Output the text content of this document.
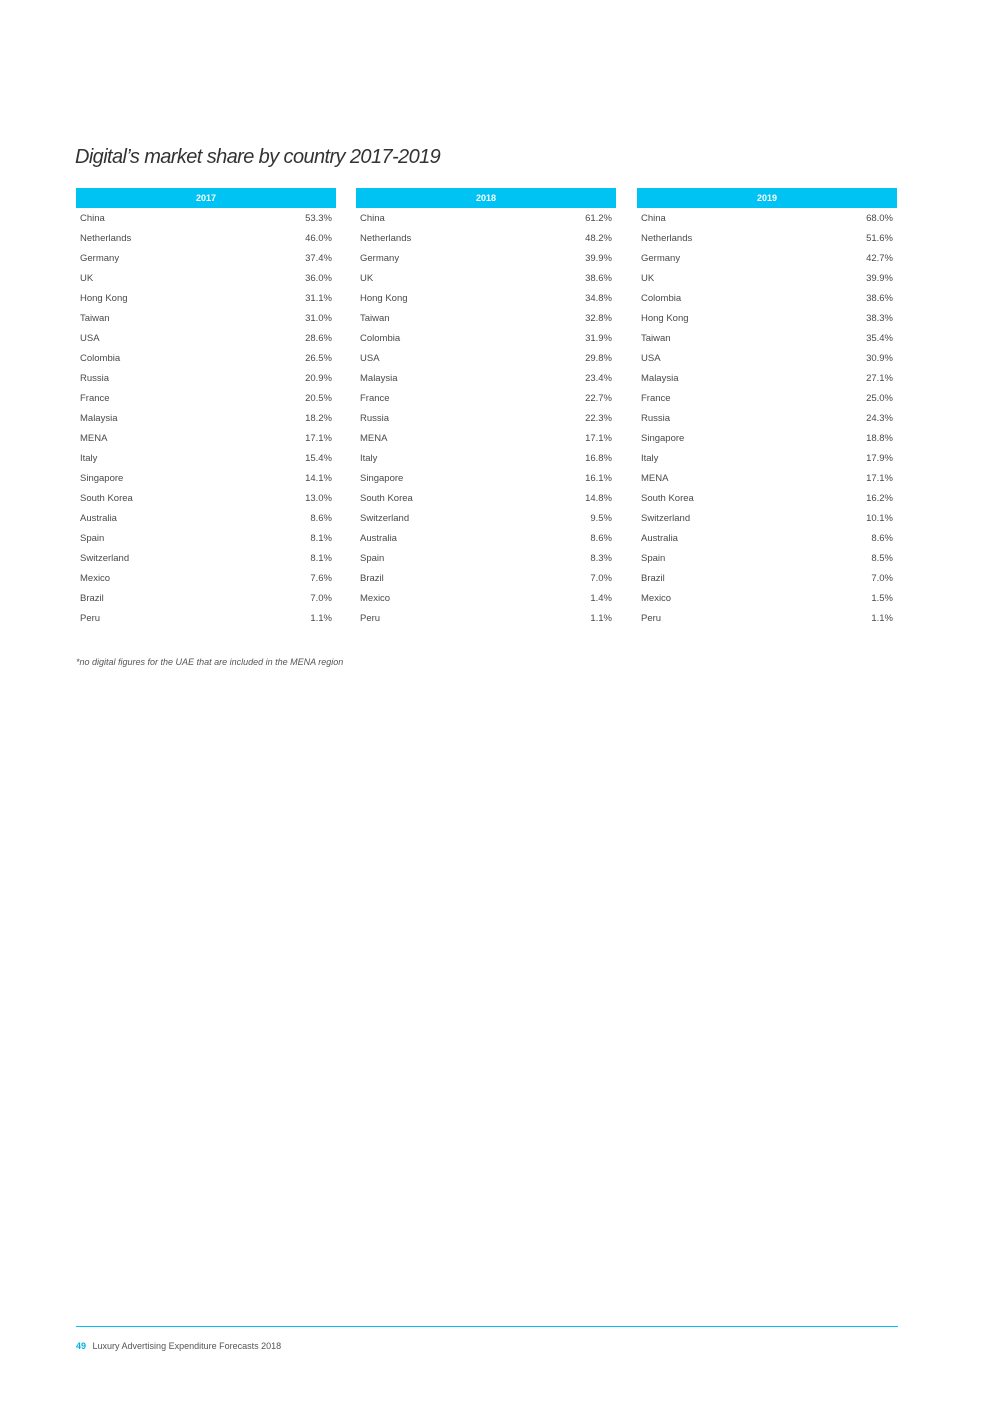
Digital’s market share by country 2017-2019
2017	
China	53.3%
Netherlands	46.0%
Germany	37.4%
UK	36.0%
Hong Kong	31.1%
Taiwan	31.0%
USA	28.6%
Colombia	26.5%
Russia	20.9%
France	20.5%
Malaysia	18.2%
MENA	17.1%
Italy	15.4%
Singapore	14.1%
South Korea	13.0%
Australia	8.6%
Spain	8.1%
Switzerland	8.1%
Mexico	7.6%
Brazil	7.0%
Peru	1.1%
2018	
China	61.2%
Netherlands	48.2%
Germany	39.9%
UK	38.6%
Hong Kong	34.8%
Taiwan	32.8%
Colombia	31.9%
USA	29.8%
Malaysia	23.4%
France	22.7%
Russia	22.3%
MENA	17.1%
Italy	16.8%
Singapore	16.1%
South Korea	14.8%
Switzerland	9.5%
Australia	8.6%
Spain	8.3%
Brazil	7.0%
Mexico	1.4%
Peru	1.1%
2019	
China	68.0%
Netherlands	51.6%
Germany	42.7%
UK	39.9%
Colombia	38.6%
Hong Kong	38.3%
Taiwan	35.4%
USA	30.9%
Malaysia	27.1%
France	25.0%
Russia	24.3%
Singapore	18.8%
Italy	17.9%
MENA	17.1%
South Korea	16.2%
Switzerland	10.1%
Australia	8.6%
Spain	8.5%
Brazil	7.0%
Mexico	1.5%
Peru	1.1%

*no digital figures for the UAE that are included in the MENA region

49 Luxury Advertising Expenditure Forecasts 2018
